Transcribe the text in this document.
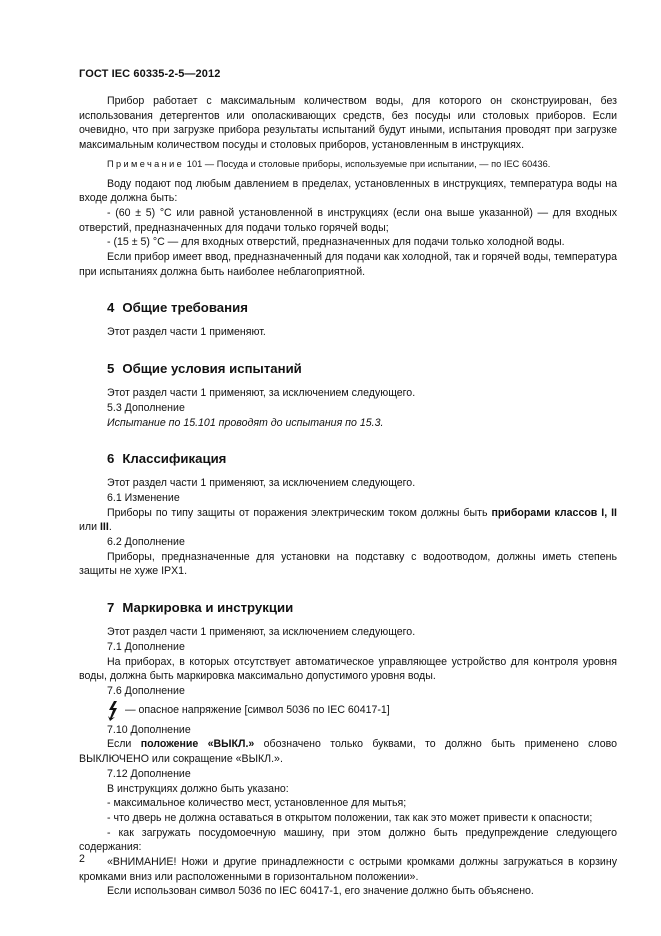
ГОСТ IEC 60335-2-5—2012

Прибор работает с максимальным количеством воды, для которого он сконструирован, без использования детергентов или ополаскивающих средств, без посуды или столовых приборов. Если очевидно, что при загрузке прибора результаты испытаний будут иными, испытания проводят при загрузке максимальным количеством посуды и столовых приборов, установленным в инструкциях.

Примечание 101 — Посуда и столовые приборы, используемые при испытании, — по IEC 60436.

Воду подают под любым давлением в пределах, установленных в инструкциях, температура воды на входе должна быть:

- (60 ± 5) °С или равной установленной в инструкциях (если она выше указанной) — для входных отверстий, предназначенных для подачи только горячей воды;

- (15 ± 5) °С — для входных отверстий, предназначенных для подачи только холодной воды.

Если прибор имеет ввод, предназначенный для подачи как холодной, так и горячей воды, температура при испытаниях должна быть наиболее неблагоприятной.

4 Общие требования

Этот раздел части 1 применяют.

5 Общие условия испытаний

Этот раздел части 1 применяют, за исключением следующего.

5.3 Дополнение

Испытание по 15.101 проводят до испытания по 15.3.

6 Классификация

Этот раздел части 1 применяют, за исключением следующего.

6.1 Изменение

Приборы по типу защиты от поражения электрическим током должны быть приборами классов I, II или III.

6.2 Дополнение

Приборы, предназначенные для установки на подставку с водоотводом, должны иметь степень защиты не хуже IPX1.

7 Маркировка и инструкции

Этот раздел части 1 применяют, за исключением следующего.

7.1 Дополнение

На приборах, в которых отсутствует автоматическое управляющее устройство для контроля уровня воды, должна быть маркировка максимально допустимого уровня воды.

7.6 Дополнение

— опасное напряжение [символ 5036 по IEC 60417-1]

7.10 Дополнение

Если положение «ВЫКЛ.» обозначено только буквами, то должно быть применено слово ВЫКЛЮЧЕНО или сокращение «ВЫКЛ.».

7.12 Дополнение

В инструкциях должно быть указано:

- максимальное количество мест, установленное для мытья;

- что дверь не должна оставаться в открытом положении, так как это может привести к опасности;

- как загружать посудомоечную машину, при этом должно быть предупреждение следующего содержания:

«ВНИМАНИЕ! Ножи и другие принадлежности с острыми кромками должны загружаться в корзину кромками вниз или расположенными в горизонтальном положении».

Если использован символ 5036 по IEC 60417-1, его значение должно быть объяснено.

2
